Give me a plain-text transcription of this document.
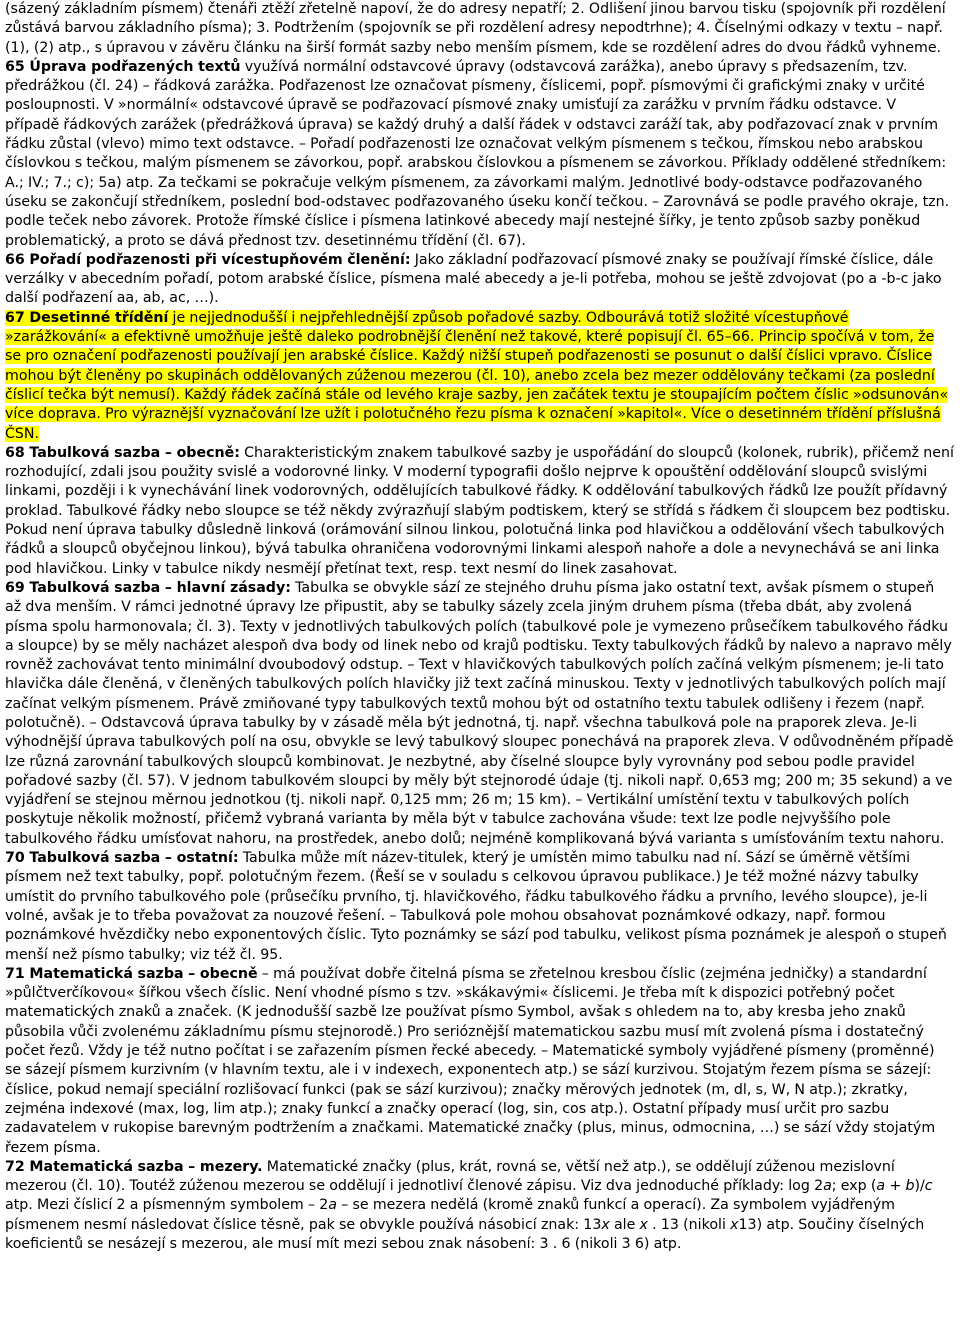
(sázený základním písmem) čtenáři ztěží zřetelně napoví, že do adresy nepatří; 2. Odlišení jinou barvou tisku (spojovník při rozdělení zůstává barvou základního písma); 3. Podtržením (spojovník se při rozdělení adresy nepodtrhne); 4. Číselnými odkazy v textu – např. (1), (2) atp., s úpravou v závěru článku na širší formát sazby nebo menším písmem, kde se rozdělení adres do dvou řádků vyhneme.

65 Úprava podřazených textů využívá normální odstavcové úpravy (odstavcová zarážka), anebo úpravy s předsazením, tzv. předrážkou (čl. 24) – řádková zarážka. Podřazenost lze označovat písmeny, číslicemi, popř. písmovými či grafickými znaky v určité posloupnosti. V »normální« odstavcové úpravě se podřazovací písmové znaky umisťují za zarážku v prvním řádku odstavce. V případě řádkových zarážek (předrážková úprava) se každý druhý a další řádek v odstavci zaráží tak, aby podřazovací znak v prvním řádku zůstal (vlevo) mimo text odstavce. – Pořadí podřazenosti lze označovat velkým písmenem s tečkou, římskou nebo arabskou číslovkou s tečkou, malým písmenem se závorkou, popř. arabskou číslovkou a písmenem se závorkou. Příklady oddělené středníkem: A.; IV.; 7.; c); 5a) atp. Za tečkami se pokračuje velkým písmenem, za závorkami malým. Jednotlivé body-odstavce podřazovaného úseku se zakončují středníkem, poslední bod-odstavec podřazovaného úseku končí tečkou. – Zarovnává se podle pravého okraje, tzn. podle teček nebo závorek. Protože římské číslice i písmena latinkové abecedy mají nestejné šířky, je tento způsob sazby poněkud problematický, a proto se dává přednost tzv. desetinnému třídění (čl. 67).

66 Pořadí podřazenosti při vícestupňovém členění: Jako základní podřazovací písmové znaky se používají římské číslice, dále verzálky v abecedním pořadí, potom arabské číslice, písmena malé abecedy a je-li potřeba, mohou se ještě zdvojovat (po a -b-c jako další podřazení aa, ab, ac, …).

67 Desetinné třídění je nejjednodušší i nejpřehlednější způsob pořadové sazby. Odbourává totiž složité vícestupňové »zarážkování« a efektivně umožňuje ještě daleko podrobnější členění než takové, které popisují čl. 65–66. Princip spočívá v tom, že se pro označení podřazenosti používají jen arabské číslice. Každý nižší stupeň podřazenosti se posunut o další číslici vpravo. Číslice mohou být členěny po skupinách oddělovaných zúženou mezerou (čl. 10), anebo zcela bez mezer oddělovány tečkami (za poslední číslicí tečka být nemusí). Každý řádek začíná stále od levého kraje sazby, jen začátek textu je stoupajícím počtem číslic »odsunován« více doprava. Pro výraznější vyznačování lze užít i polotučného řezu písma k označení »kapitol«. Více o desetinném třídění příslušná ČSN.

68 Tabulková sazba – obecně: Charakteristickým znakem tabulkové sazby je uspořádání do sloupců (kolonek, rubrik), přičemž není rozhodující, zdali jsou použity svislé a vodorovné linky. V moderní typografii došlo nejprve k opouštění oddělování sloupců svislými linkami, později i k vynechávání linek vodorovných, oddělujících tabulkové řádky. K oddělování tabulkových řádků lze použít přídavný proklad. Tabulkové řádky nebo sloupce se též někdy zvýrazňují slabým podtiskem, který se střídá s řádkem či sloupcem bez podtisku. Pokud není úprava tabulky důsledně linková (orámování silnou linkou, polotučná linka pod hlavičkou a oddělování všech tabulkových řádků a sloupců obyčejnou linkou), bývá tabulka ohraničena vodorovnými linkami alespoň nahoře a dole a nevynechává se ani linka pod hlavičkou. Linky v tabulce nikdy nesmějí přetínat text, resp. text nesmí do linek zasahovat.

69 Tabulková sazba – hlavní zásady: Tabulka se obvykle sází ze stejného druhu písma jako ostatní text, avšak písmem o stupeň až dva menším. V rámci jednotné úpravy lze připustit, aby se tabulky sázely zcela jiným druhem písma (třeba dbát, aby zvolená písma spolu harmonovala; čl. 3). Texty v jednotlivých tabulkových polích (tabulkové pole je vymezeno průsečíkem tabulkového řádku a sloupce) by se měly nacházet alespoň dva body od linek nebo od krajů podtisku. Texty tabulkových řádků by nalevo a napravo měly rovněž zachovávat tento minimální dvoubodový odstup. – Text v hlavičkových tabulkových polích začíná velkým písmenem; je-li tato hlavička dále členěná, v členěných tabulkových polích hlavičky již text začíná minuskou. Texty v jednotlivých tabulkových polích mají začínat velkým písmenem. Právě zmiňované typy tabulkových textů mohou být od ostatního textu tabulek odlišeny i řezem (např. polotučně). – Odstavcová úprava tabulky by v zásadě měla být jednotná, tj. např. všechna tabulková pole na praporek zleva. Je-li výhodnější úprava tabulkových polí na osu, obvykle se levý tabulkový sloupec ponechává na praporek zleva. V odůvodněném případě lze různá zarovnání tabulkových sloupců kombinovat. Je nezbytné, aby číselné sloupce byly vyrovnány pod sebou podle pravidel pořadové sazby (čl. 57). V jednom tabulkovém sloupci by měly být stejnorodé údaje (tj. nikoli např. 0,653 mg; 200 m; 35 sekund) a ve vyjádření se stejnou měrnou jednotkou (tj. nikoli např. 0,125 mm; 26 m; 15 km). – Vertikální umístění textu v tabulkových polích poskytuje několik možností, přičemž vybraná varianta by měla být v tabulce zachována všude: text lze podle nejvyššího pole tabulkového řádku umísťovat nahoru, na prostředek, anebo dolů; nejméně komplikovaná bývá varianta s umísťováním textu nahoru.

70 Tabulková sazba – ostatní: Tabulka může mít název-titulek, který je umístěn mimo tabulku nad ní. Sází se úměrně většími písmem než text tabulky, popř. polotučným řezem. (Řeší se v souladu s celkovou úpravou publikace.) Je též možné názvy tabulky umístit do prvního tabulkového pole (průsečíku prvního, tj. hlavičkového, řádku tabulkového řádku a prvního, levého sloupce), je-li volné, avšak je to třeba považovat za nouzové řešení. – Tabulková pole mohou obsahovat poznámkové odkazy, např. formou poznámkové hvězdičky nebo exponentových číslic. Tyto poznámky se sází pod tabulku, velikost písma poznámek je alespoň o stupeň menší než písmo tabulky; viz též čl. 95.

71 Matematická sazba – obecně – má používat dobře čitelná písma se zřetelnou kresbou číslic (zejména jedničky) a standardní »půlčtverčíkovou« šířkou všech číslic. Není vhodné písmo s tzv. »skákavými« číslicemi. Je třeba mít k dispozici potřebný počet matematických znaků a značek. (K jednodušší sazbě lze používat písmo Symbol, avšak s ohledem na to, aby kresba jeho znaků působila vůči zvolenému základnímu písmu stejnorodě.) Pro serióznější matematickou sazbu musí mít zvolená písma i dostatečný počet řezů. Vždy je též nutno počítat i se zařazením písmen řecké abecedy. – Matematické symboly vyjádřené písmeny (proměnné) se sázejí písmem kurzivním (v hlavním textu, ale i v indexech, exponentech atp.) se sází kurzivou. Stojatým řezem písma se sázejí: číslice, pokud nemají speciální rozlišovací funkci (pak se sází kurzivou); značky měrových jednotek (m, dl, s, W, N atp.); zkratky, zejména indexové (max, log, lim atp.); znaky funkcí a značky operací (log, sin, cos atp.). Ostatní případy musí určit pro sazbu zadavatelem v rukopise barevným podtržením a značkami. Matematické značky (plus, minus, odmocnina, …) se sází vždy stojatým řezem písma.

72 Matematická sazba – mezery. Matematické značky (plus, krát, rovná se, větší než atp.), se oddělují zúženou mezislovní mezerou (čl. 10). Toutéž zúženou mezerou se oddělují i jednotliví členové zápisu. Viz dva jednoduché příklady: log 2a; exp (a + b)/c atp. Mezi číslicí 2 a písmenným symbolem – 2a – se mezera nedělá (kromě znaků funkcí a operací). Za symbolem vyjádřeným písmenem nesmí následovat číslice těsně, pak se obvykle používá násobicí znak: 13x ale x . 13 (nikoli x13) atp. Součiny číselných koeficientů se nesázejí s mezerou, ale musí mít mezi sebou znak násobení: 3 . 6 (nikoli 3 6) atp.
